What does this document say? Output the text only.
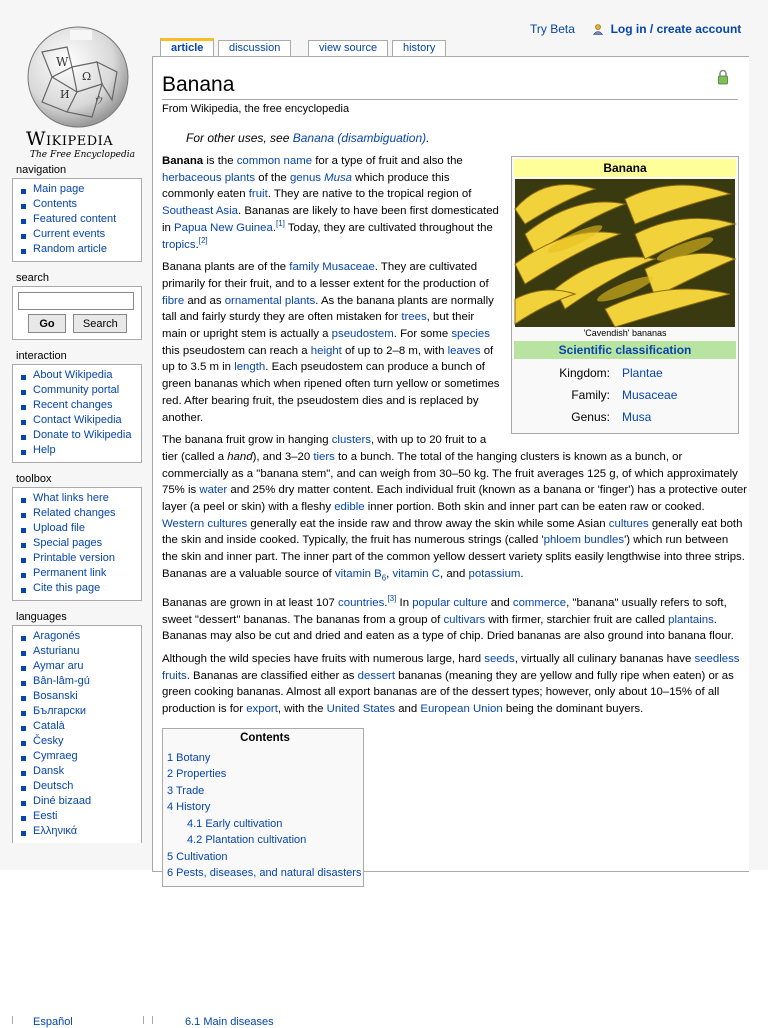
W
Ω
И
ウ
Wikipedia
The Free Encyclopedia
Try Beta	Log in / create account
article	discussion	view source	history
navigation
Main page
Contents
Featured content
Current events
Random article
search
Go	Search
interaction
About Wikipedia
Community portal
Recent changes
Contact Wikipedia
Donate to Wikipedia
Help
toolbox
What links here
Related changes
Upload file
Special pages
Printable version
Permanent link
Cite this page
languages
Aragonés
Asturianu
Aymar aru
Bân-lâm-gú
Bosanski
Български
Català
Česky
Cymraeg
Dansk
Deutsch
Diné bizaad
Eesti
Ελληνικά
Banana
From Wikipedia, the free encyclopedia
For other uses, see Banana (disambiguation).
Banana
'Cavendish' bananas
Scientific classification
Kingdom: Plantae
Family: Musaceae
Genus: Musa

Banana is the common name for a type of fruit and also the herbaceous plants of the genus Musa which produce this commonly eaten fruit. They are native to the tropical region of Southeast Asia. Bananas are likely to have been first domesticated in Papua New Guinea.[1] Today, they are cultivated throughout the tropics.[2]

Banana plants are of the family Musaceae. They are cultivated primarily for their fruit, and to a lesser extent for the production of fibre and as ornamental plants. As the banana plants are normally tall and fairly sturdy they are often mistaken for trees, but their main or upright stem is actually a pseudostem. For some species this pseudostem can reach a height of up to 2–8 m, with leaves of up to 3.5 m in length. Each pseudostem can produce a bunch of green bananas which when ripened often turn yellow or sometimes red. After bearing fruit, the pseudostem dies and is replaced by another.

The banana fruit grow in hanging clusters, with up to 20 fruit to a tier (called a hand), and 3–20 tiers to a bunch. The total of the hanging clusters is known as a bunch, or commercially as a "banana stem", and can weigh from 30–50 kg. The fruit averages 125 g, of which approximately 75% is water and 25% dry matter content. Each individual fruit (known as a banana or 'finger') has a protective outer layer (a peel or skin) with a fleshy edible inner portion. Both skin and inner part can be eaten raw or cooked. Western cultures generally eat the inside raw and throw away the skin while some Asian cultures generally eat both the skin and inside cooked. Typically, the fruit has numerous strings (called 'phloem bundles') which run between the skin and inner part. The inner part of the common yellow dessert variety splits easily lengthwise into three strips. Bananas are a valuable source of vitamin $B_6$, vitamin C, and potassium.

Bananas are grown in at least 107 countries.[3] In popular culture and commerce, "banana" usually refers to soft, sweet "dessert" bananas. The bananas from a group of cultivars with firmer, starchier fruit are called plantains. Bananas may also be cut and dried and eaten as a type of chip. Dried bananas are also ground into banana flour.

Although the wild species have fruits with numerous large, hard seeds, virtually all culinary bananas have seedless fruits. Bananas are classified either as dessert bananas (meaning they are yellow and fully ripe when eaten) or as green cooking bananas. Almost all export bananas are of the dessert types; however, only about 10–15% of all production is for export, with the United States and European Union being the dominant buyers.

Contents
1 Botany
2 Properties
3 Trade
4 History
4.1 Early cultivation
4.2 Plantation cultivation
5 Cultivation
6 Pests, diseases, and natural disasters
Español	6.1 Main diseases
